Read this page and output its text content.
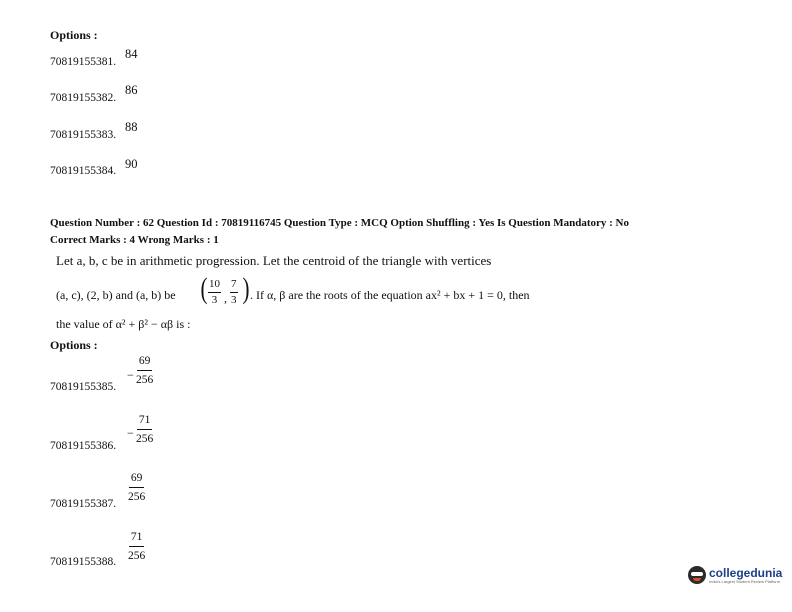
Options :
70819155381.
84
70819155382.
86
70819155383.
88
70819155384. 90
Question Number : 62 Question Id : 70819116745 Question Type : MCQ Option Shuffling : Yes Is Question Mandatory : No
Correct Marks : 4 Wrong Marks : 1
Let a, b, c be in arithmetic progression. Let the centroid of the triangle with vertices
(a, c), (2, b) and (a, b) be ( $\frac{10}{3}$ , $\frac{7}{3}$ ) . If α, β are the roots of the equation ax² + bx + 1 = 0, then
the value of α² + β² − αβ is :
Options :
− $\frac{69}{256}$
70819155385.
− $\frac{71}{256}$
70819155386.
$\frac{69}{256}$
70819155387.
$\frac{71}{256}$
70819155388.
collegedunia
India's Largest Student Review Platform
